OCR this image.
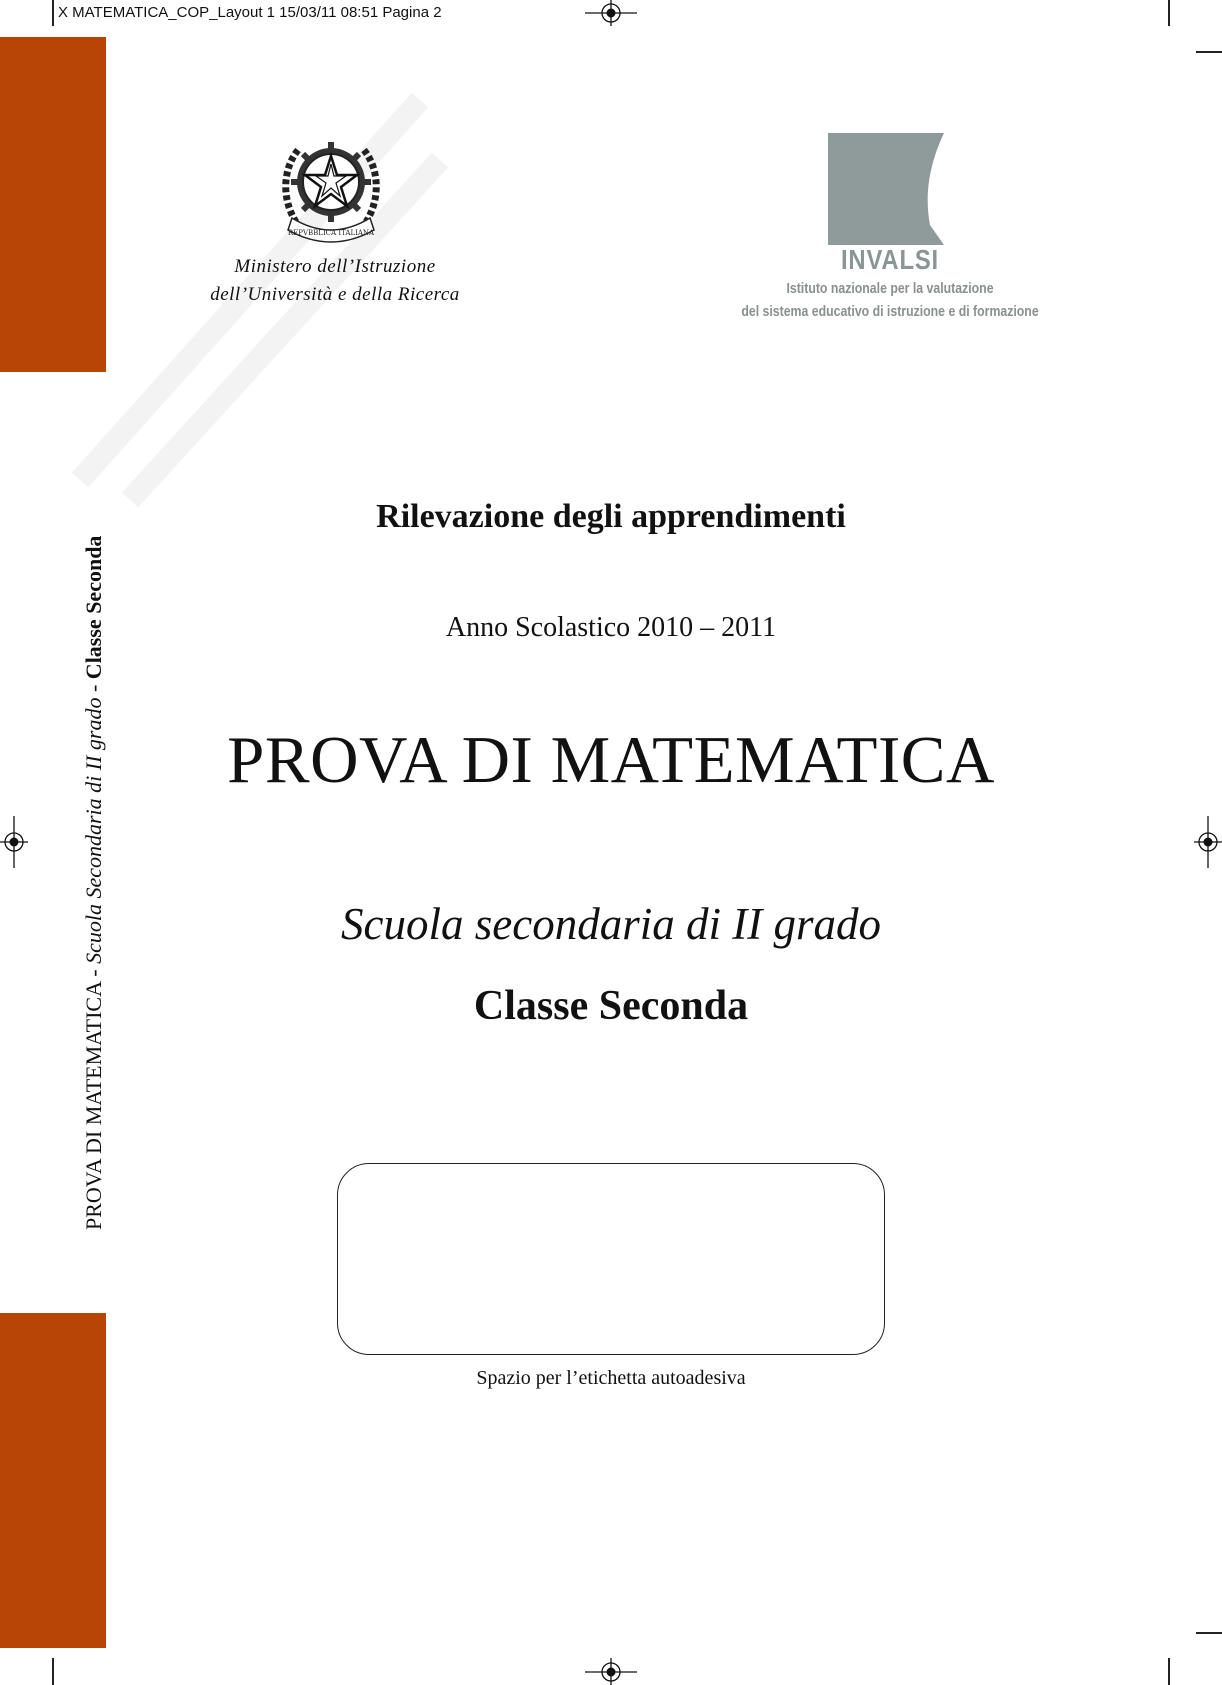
X MATEMATICA_COP_Layout 1 15/03/11 08:51 Pagina 2
PROVA DI MATEMATICA - Scuola Secondaria di II grado - Classe Seconda
REPVBBLICA ITALIANA
Ministero dell’Istruzione
dell’Università e della Ricerca
INVALSI
Istituto nazionale per la valutazione
del sistema educativo di istruzione e di formazione
Rilevazione degli apprendimenti
Anno Scolastico 2010 – 2011
PROVA DI MATEMATICA
Scuola secondaria di II grado
Classe Seconda
Spazio per l’etichetta autoadesiva
